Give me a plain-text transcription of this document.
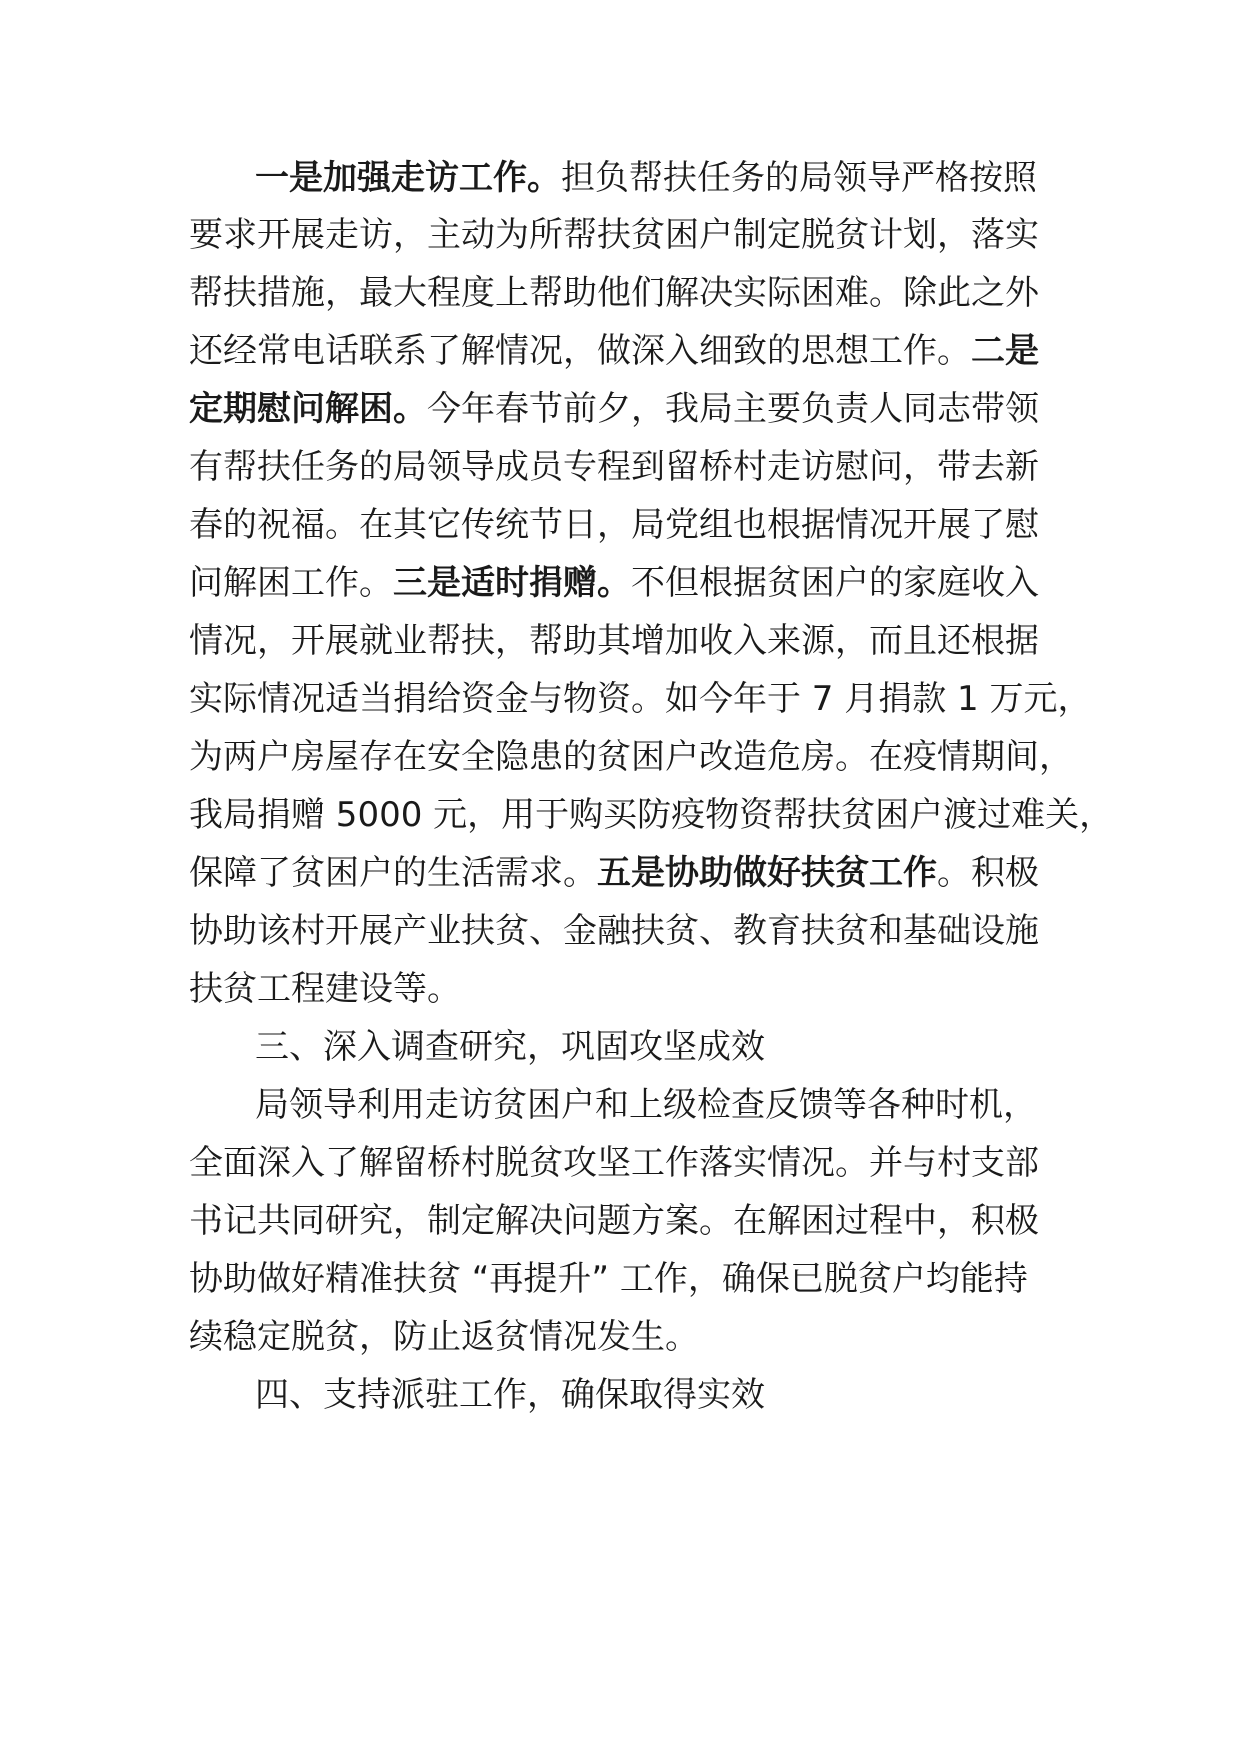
一是加强走访工作。担负帮扶任务的局领导严格按照
要求开展走访，主动为所帮扶贫困户制定脱贫计划，落实
帮扶措施，最大程度上帮助他们解决实际困难。除此之外
还经常电话联系了解情况，做深入细致的思想工作。二是
定期慰问解困。今年春节前夕，我局主要负责人同志带领
有帮扶任务的局领导成员专程到留桥村走访慰问，带去新
春的祝福。在其它传统节日，局党组也根据情况开展了慰
问解困工作。三是适时捐赠。不但根据贫困户的家庭收入
情况，开展就业帮扶，帮助其增加收入来源，而且还根据
实际情况适当捐给资金与物资。如今年于 7 月捐款 1 万元，
为两户房屋存在安全隐患的贫困户改造危房。在疫情期间，
我局捐赠 5000 元，用于购买防疫物资帮扶贫困户渡过难关，
保障了贫困户的生活需求。五是协助做好扶贫工作。积极
协助该村开展产业扶贫、金融扶贫、教育扶贫和基础设施
扶贫工程建设等。
三、深入调查研究，巩固攻坚成效
局领导利用走访贫困户和上级检查反馈等各种时机，
全面深入了解留桥村脱贫攻坚工作落实情况。并与村支部
书记共同研究，制定解决问题方案。在解困过程中，积极
协助做好精准扶贫 “再提升” 工作，确保已脱贫户均能持
续稳定脱贫，防止返贫情况发生。
四、支持派驻工作，确保取得实效
